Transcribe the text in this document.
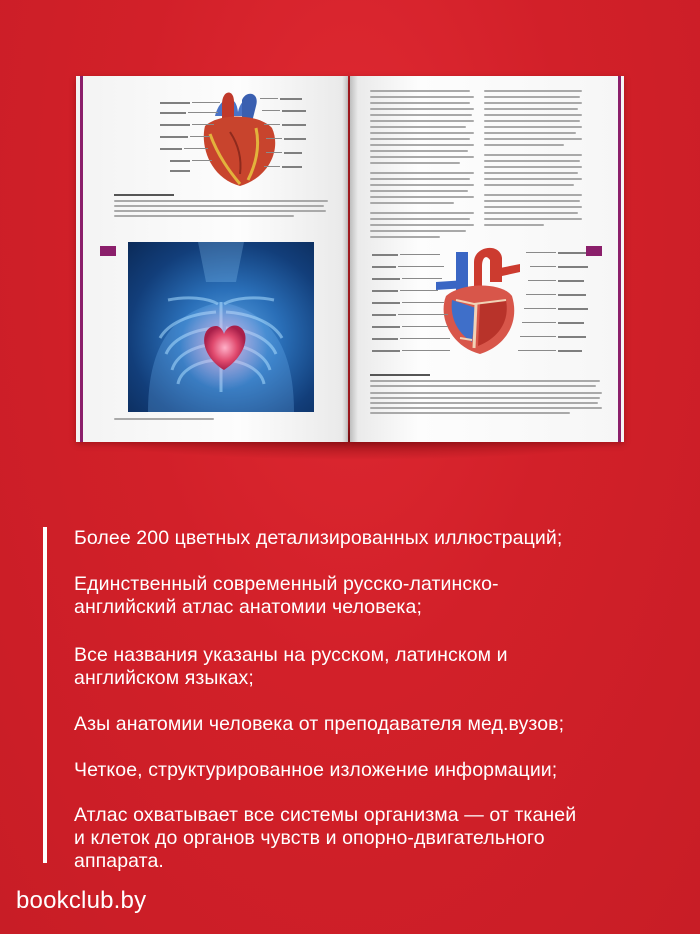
Более 200 цветных детализированных иллюстраций;
Единственный современный русско-латинско-
английский атлас анатомии человека;
Все названия указаны на русском, латинском и
английском языках;
Азы анатомии человека от преподавателя мед.вузов;
Четкое, структурированное изложение информации;
Атлас охватывает все системы организма — от тканей
и клеток до органов чувств и опорно-двигательного
аппарата.
bookclub.by
